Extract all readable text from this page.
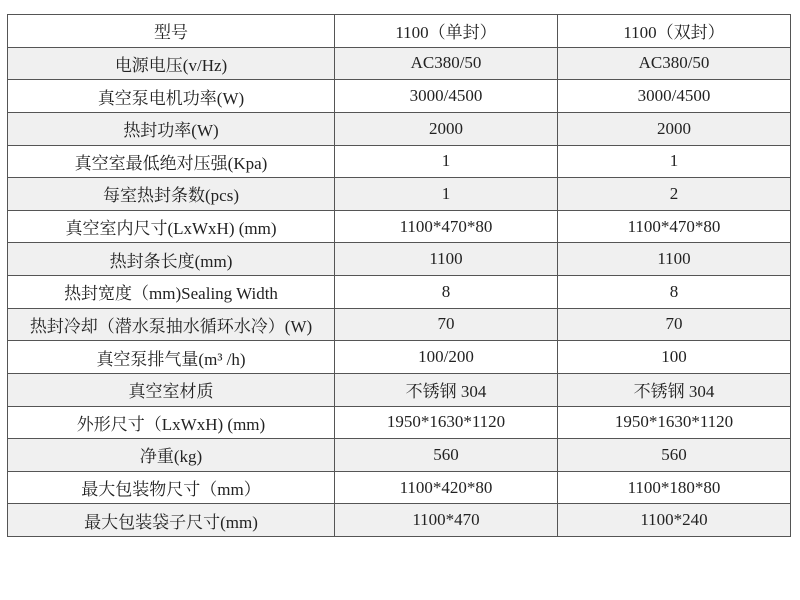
型号	1100（单封）	1100（双封）
电源电压(v/Hz)	AC380/50	AC380/50
真空泵电机功率(W)	3000/4500	3000/4500
热封功率(W)	2000	2000
真空室最低绝对压强(Kpa)	1	1
每室热封条数(pcs)	1	2
真空室内尺寸(LxWxH) (mm)	1100*470*80	1100*470*80
热封条长度(mm)	1100	1100
热封宽度（mm)Sealing Width	8	8
热封冷却（潜水泵抽水循环水冷）(W)	70	70
真空泵排气量(m³ /h)	100/200	100
真空室材质	不锈钢 304	不锈钢 304
外形尺寸（LxWxH) (mm)	1950*1630*1120	1950*1630*1120
净重(kg)	560	560
最大包装物尺寸（mm）	1100*420*80	1100*180*80
最大包装袋子尺寸(mm)	1100*470	1100*240
